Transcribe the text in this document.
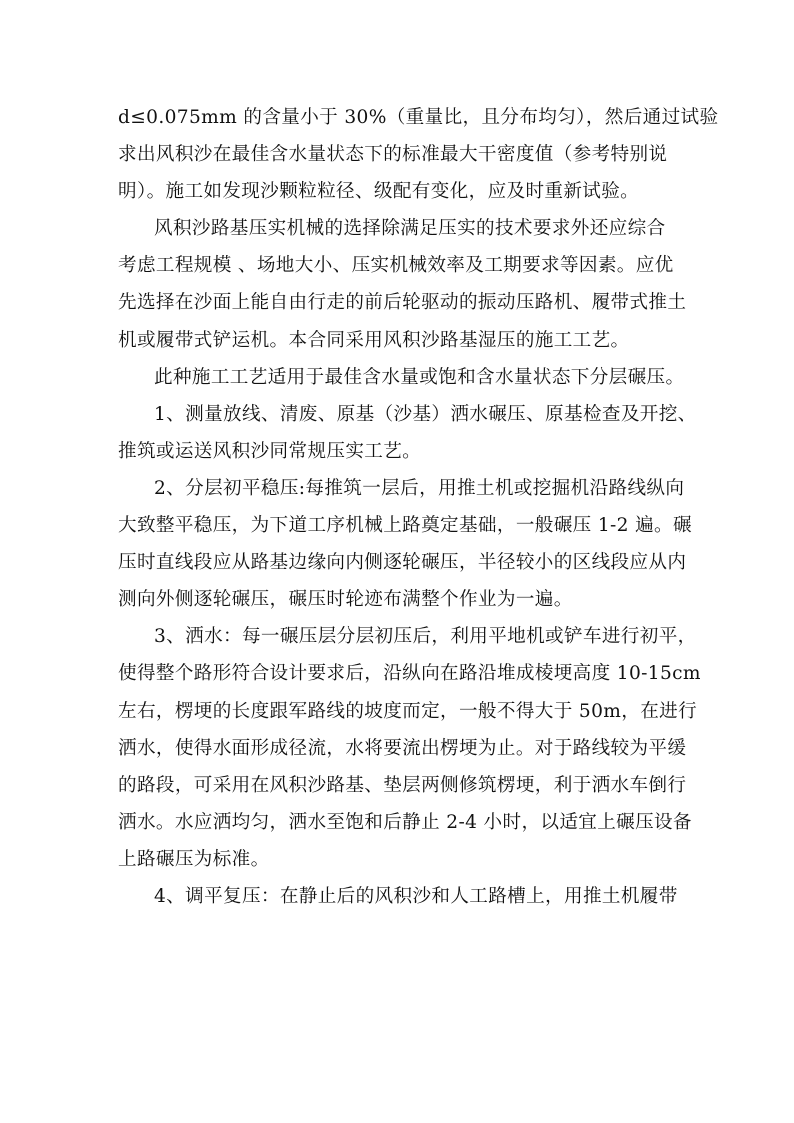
d≤0.075mm 的含量小于 30%（重量比，且分布均匀），然后通过试验
求出风积沙在最佳含水量状态下的标准最大干密度值（参考特别说
明）。施工如发现沙颗粒粒径、级配有变化，应及时重新试验。

风积沙路基压实机械的选择除满足压实的技术要求外还应综合
考虑工程规模 、场地大小、压实机械效率及工期要求等因素。应优
先选择在沙面上能自由行走的前后轮驱动的振动压路机、履带式推土
机或履带式铲运机。本合同采用风积沙路基湿压的施工工艺。

此种施工工艺适用于最佳含水量或饱和含水量状态下分层碾压。

1、测量放线、清废、原基（沙基）洒水碾压、原基检查及开挖、
推筑或运送风积沙同常规压实工艺。

2、分层初平稳压:每推筑一层后，用推土机或挖掘机沿路线纵向
大致整平稳压，为下道工序机械上路奠定基础，一般碾压 1-2 遍。碾
压时直线段应从路基边缘向内侧逐轮碾压，半径较小的区线段应从内
测向外侧逐轮碾压，碾压时轮迹布满整个作业为一遍。

3、洒水：每一碾压层分层初压后，利用平地机或铲车进行初平，
使得整个路形符合设计要求后，沿纵向在路沿堆成棱埂高度 10-15cm
左右，楞埂的长度跟军路线的坡度而定，一般不得大于 50m，在进行
洒水，使得水面形成径流，水将要流出楞埂为止。对于路线较为平缓
的路段，可采用在风积沙路基、垫层两侧修筑楞埂，利于洒水车倒行
洒水。水应洒均匀，洒水至饱和后静止 2-4 小时，以适宜上碾压设备
上路碾压为标准。

4、调平复压：在静止后的风积沙和人工路槽上，用推土机履带
